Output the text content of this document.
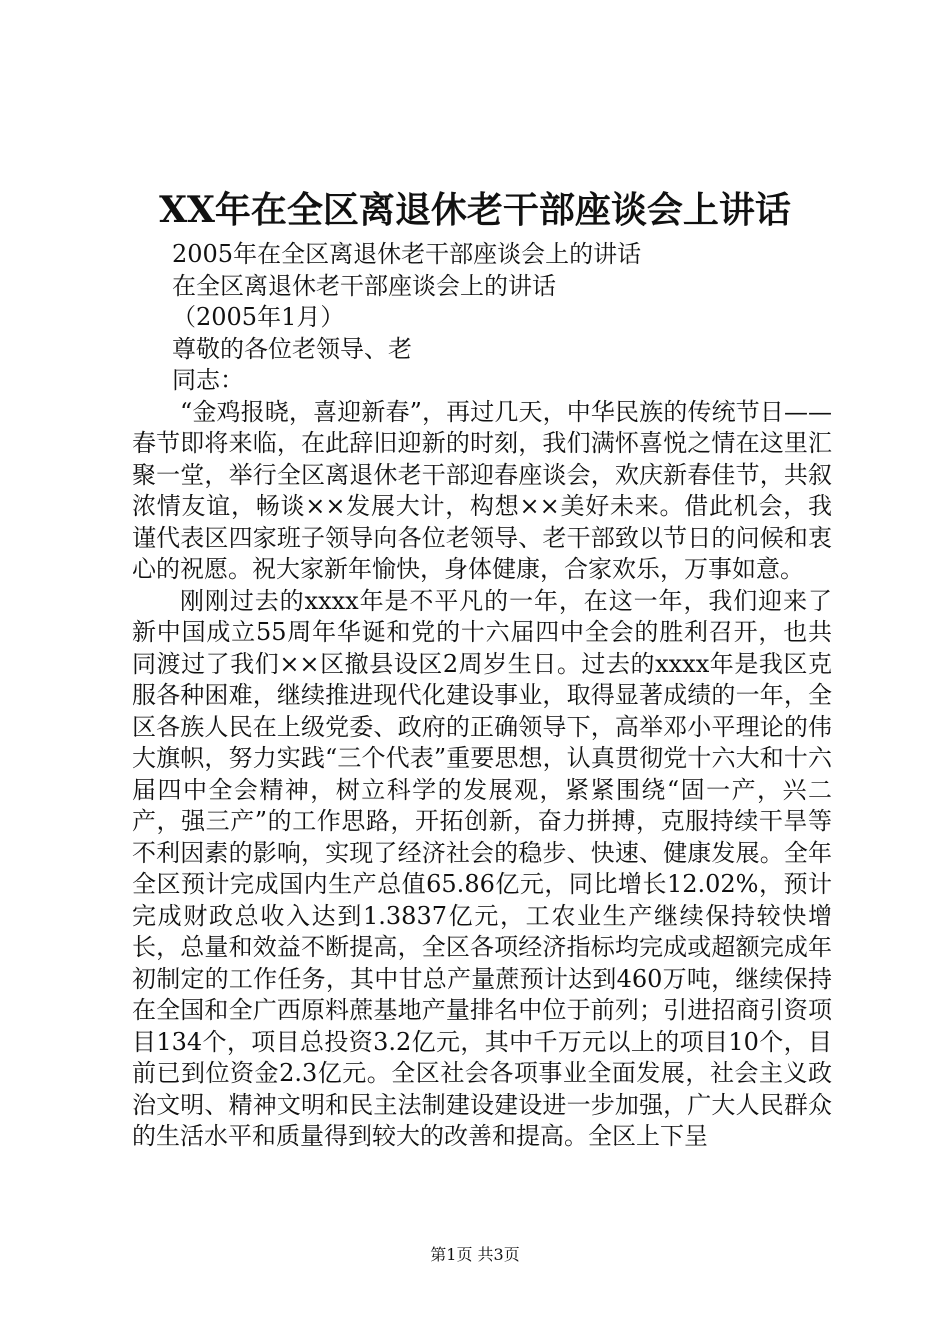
XX年在全区离退休老干部座谈会上讲话

2005年在全区离退休老干部座谈会上的讲话

在全区离退休老干部座谈会上的讲话

（2005年1月）

尊敬的各位老领导、老

同志：

“金鸡报晓，喜迎新春”，再过几天，中华民族的传统节日——春节即将来临，在此辞旧迎新的时刻，我们满怀喜悦之情在这里汇聚一堂，举行全区离退休老干部迎春座谈会，欢庆新春佳节，共叙浓情友谊，畅谈××发展大计，构想××美好未来。借此机会，我谨代表区四家班子领导向各位老领导、老干部致以节日的问候和衷心的祝愿。祝大家新年愉快，身体健康，合家欢乐，万事如意。

刚刚过去的xxxx年是不平凡的一年，在这一年，我们迎来了新中国成立55周年华诞和党的十六届四中全会的胜利召开，也共同渡过了我们××区撤县设区2周岁生日。过去的xxxx年是我区克服各种困难，继续推进现代化建设事业，取得显著成绩的一年，全区各族人民在上级党委、政府的正确领导下，高举邓小平理论的伟大旗帜，努力实践“三个代表”重要思想，认真贯彻党十六大和十六届四中全会精神，树立科学的发展观，紧紧围绕“固一产，兴二产，强三产”的工作思路，开拓创新，奋力拼搏，克服持续干旱等不利因素的影响，实现了经济社会的稳步、快速、健康发展。全年全区预计完成国内生产总值65.86亿元，同比增长12.02%，预计完成财政总收入达到1.3837亿元，工农业生产继续保持较快增长，总量和效益不断提高，全区各项经济指标均完成或超额完成年初制定的工作任务，其中甘总产量蔗预计达到460万吨，继续保持在全国和全广西原料蔗基地产量排名中位于前列；引进招商引资项目134个，项目总投资3.2亿元，其中千万元以上的项目10个，目前已到位资金2.3亿元。全区社会各项事业全面发展，社会主义政治文明、精神文明和民主法制建设建设进一步加强，广大人民群众的生活水平和质量得到较大的改善和提高。全区上下呈

第1页 共3页
